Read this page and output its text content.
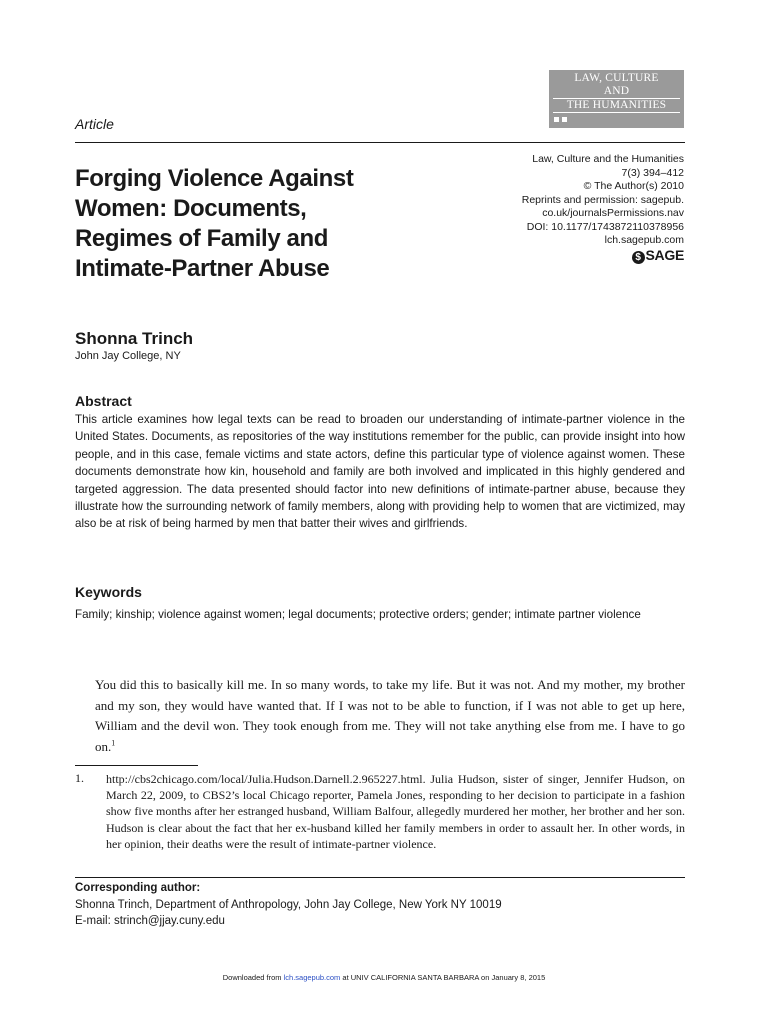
LAW, CULTURE
AND
THE HUMANITIES
Article
Law, Culture and the Humanities
7(3) 394–412
© The Author(s) 2010
Reprints and permission: sagepub.
co.uk/journalsPermissions.nav
DOI: 10.1177/1743872110378956
lch.sagepub.com
$ SAGE
Forging Violence Against
Women: Documents,
Regimes of Family and
Intimate-Partner Abuse
Shonna Trinch
John Jay College, NY
Abstract
This article examines how legal texts can be read to broaden our understanding of intimate-partner violence in the United States. Documents, as repositories of the way institutions remember for the public, can provide insight into how people, and in this case, female victims and state actors, define this particular type of violence against women. These documents demonstrate how kin, household and family are both involved and implicated in this highly gendered and targeted aggression. The data presented should factor into new definitions of intimate-partner abuse, because they illustrate how the surrounding network of family members, along with providing help to women that are victimized, may also be at risk of being harmed by men that batter their wives and girlfriends.
Keywords
Family; kinship; violence against women; legal documents; protective orders; gender; intimate partner violence
You did this to basically kill me. In so many words, to take my life. But it was not. And my mother, my brother and my son, they would have wanted that. If I was not to be able to function, if I was not able to get up here, William and the devil won. They took enough from me. They will not take anything else from me. I have to go on.$^1$
1. http://cbs2chicago.com/local/Julia.Hudson.Darnell.2.965227.html. Julia Hudson, sister of singer, Jennifer Hudson, on March 22, 2009, to CBS2’s local Chicago reporter, Pamela Jones, responding to her decision to participate in a fashion show five months after her estranged husband, William Balfour, allegedly murdered her mother, her brother and her son. Hudson is clear about the fact that her ex-husband killed her family members in order to assault her. In other words, in her opinion, their deaths were the result of intimate-partner violence.
Corresponding author:
Shonna Trinch, Department of Anthropology, John Jay College, New York NY 10019
E-mail: strinch@jjay.cuny.edu
Downloaded from lch.sagepub.com at UNIV CALIFORNIA SANTA BARBARA on January 8, 2015
